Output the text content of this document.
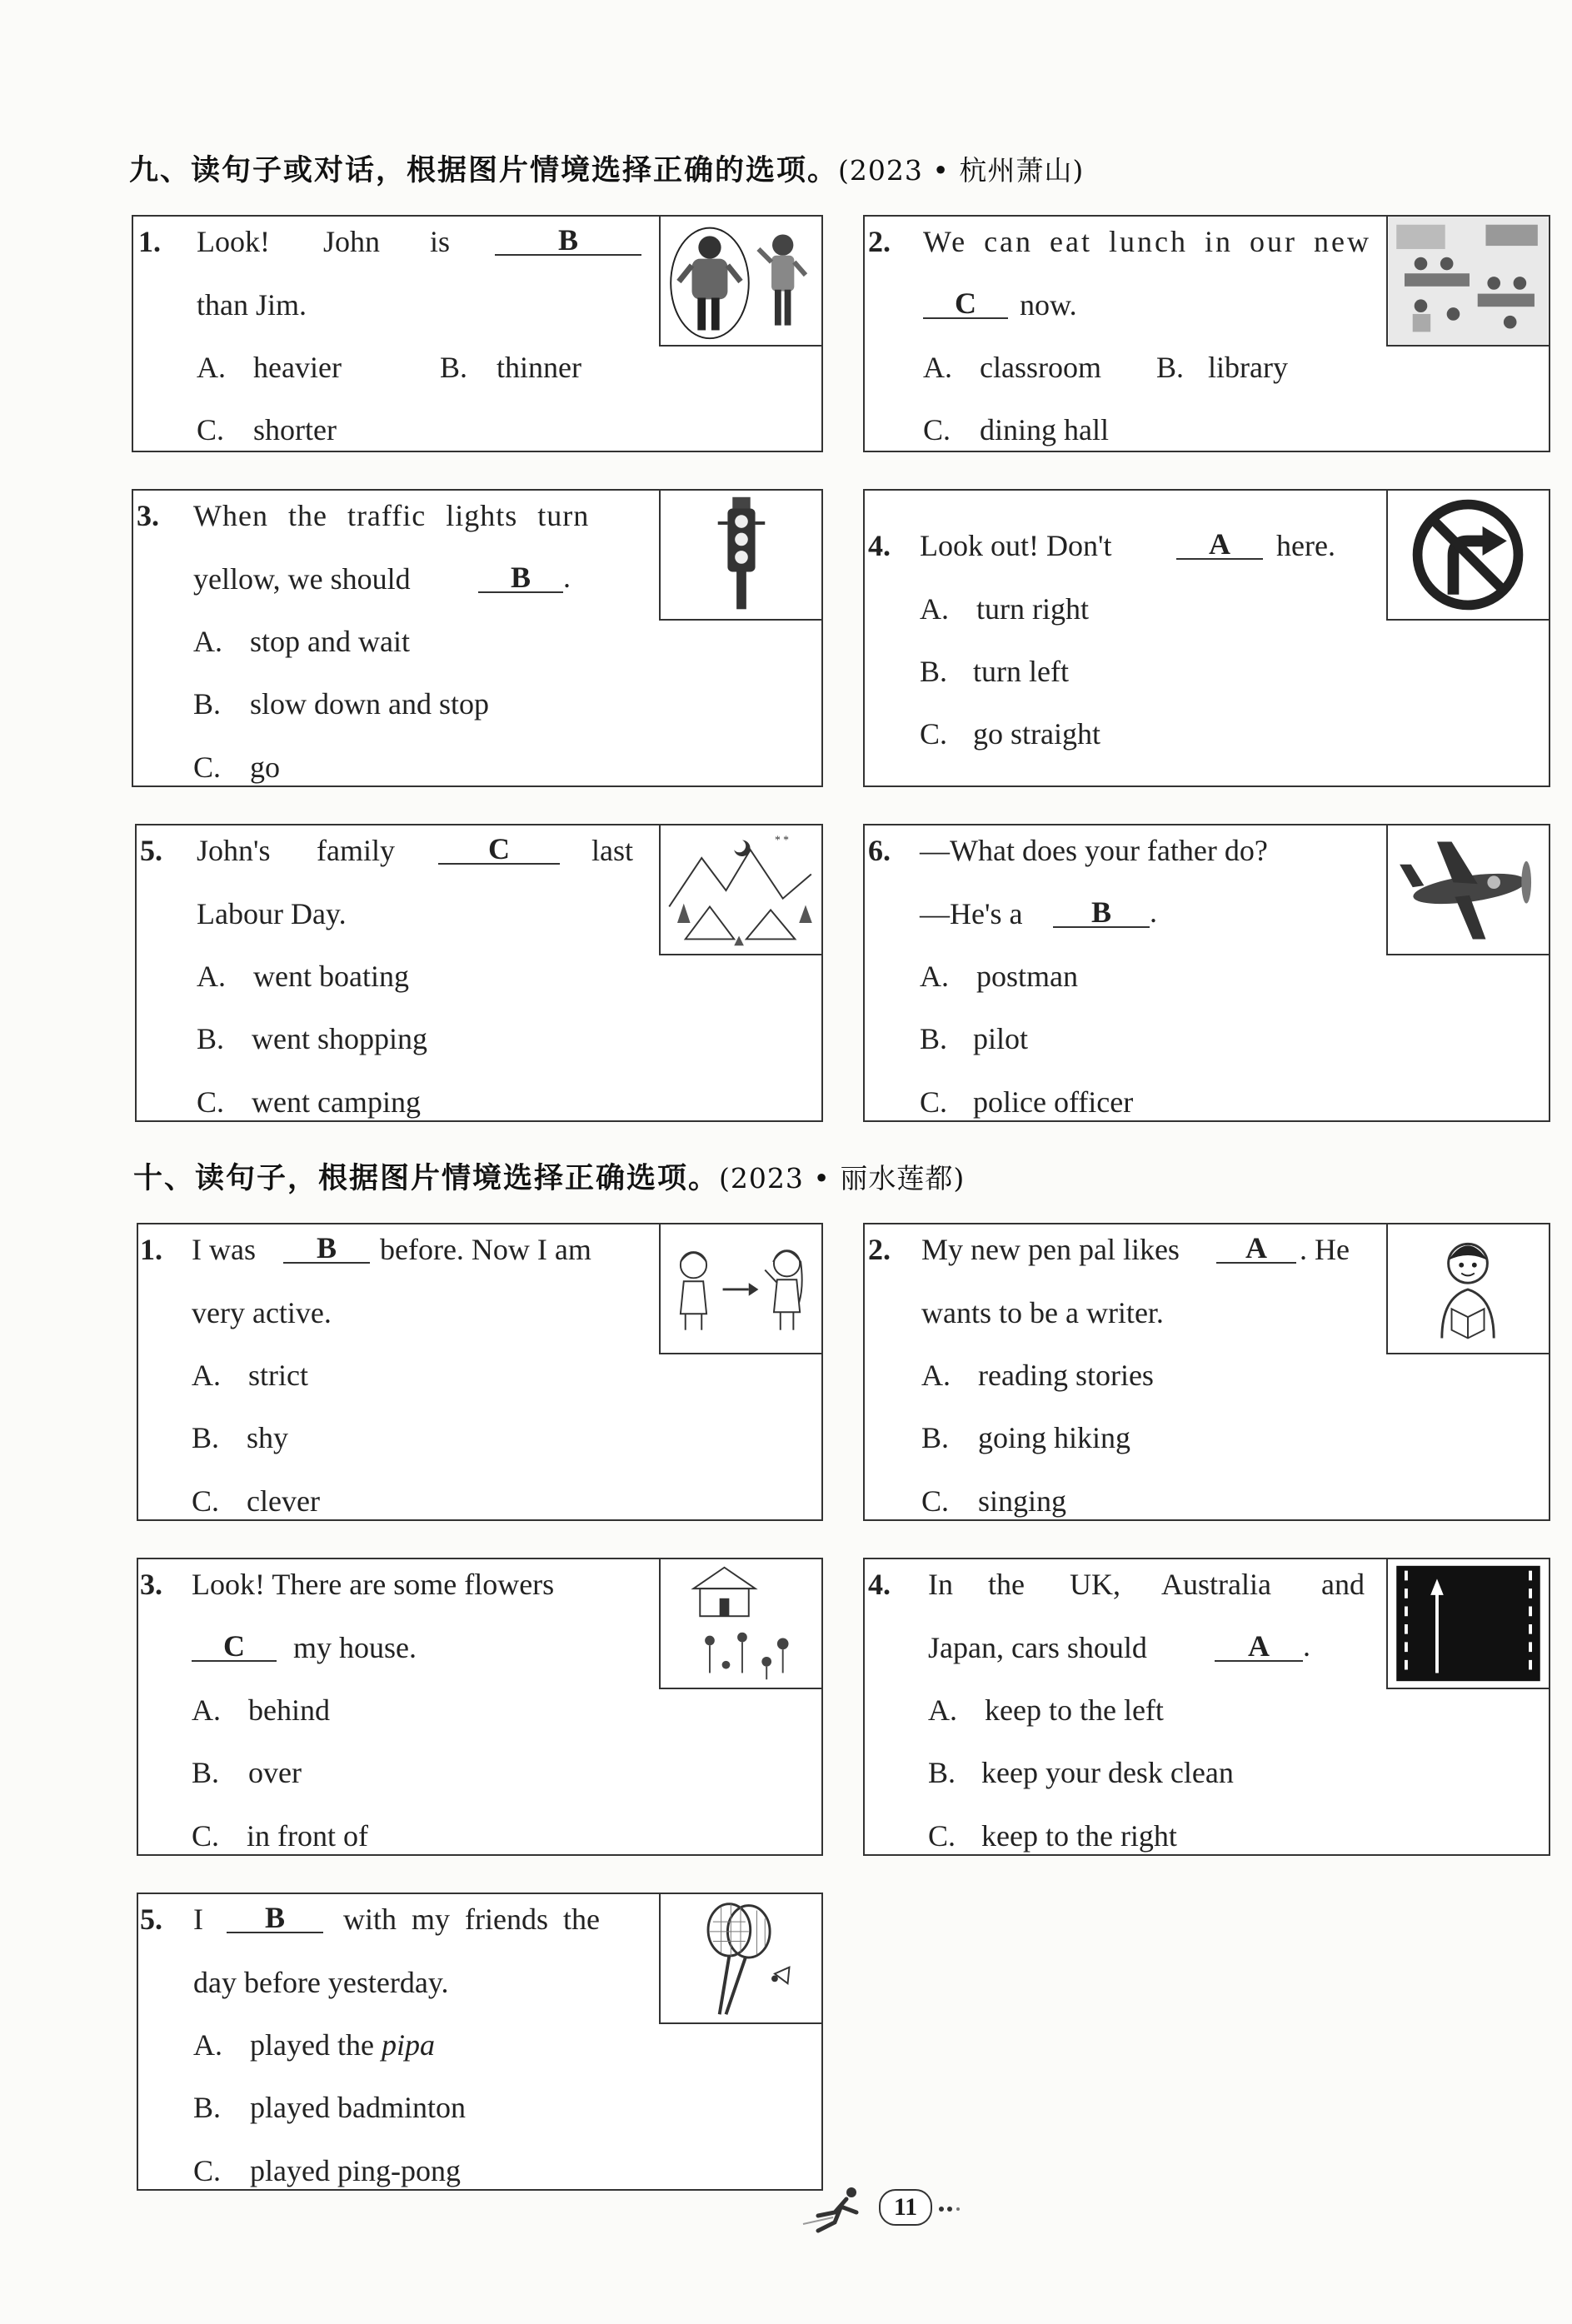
九、读句子或对话，根据图片情境选择正确的选项。(2023 • 杭州萧山)
1. Look! John is	B
than Jim.
A. heavier	B. thinner
C. shorter
2. We can eat lunch in our new
C	now.
A. classroom B. library
C. dining hall
3. When the traffic lights turn
yellow, we should	B .
A. stop and wait
B. slow down and stop
C. go
4. Look out! Don't	A	here.
A. turn right
B. turn left
C. go straight
* *
5. John's family	C	last
Labour Day.
A. went boating
B. went shopping
C. went camping
6. —What does your father do?
—He's a	B .
A. postman
B. pilot
C. police officer
十、读句子，根据图片情境选择正确选项。(2023 • 丽水莲都)
1. I was	B	before. Now I am
very active.
A. strict
B. shy
C. clever
2. My new pen pal likes	A	. He
wants to be a writer.
A. reading stories
B. going hiking
C. singing
3. Look! There are some flowers
C	my house.
A. behind
B. over
C. in front of
4. In the UK, Australia and
Japan, cars should	A .
A. keep to the left
B. keep your desk clean
C. keep to the right
5. I	B	with  my  friends  the
day before yesterday.
A. played the pipa
B. played badminton
C. played ping-pong
11
